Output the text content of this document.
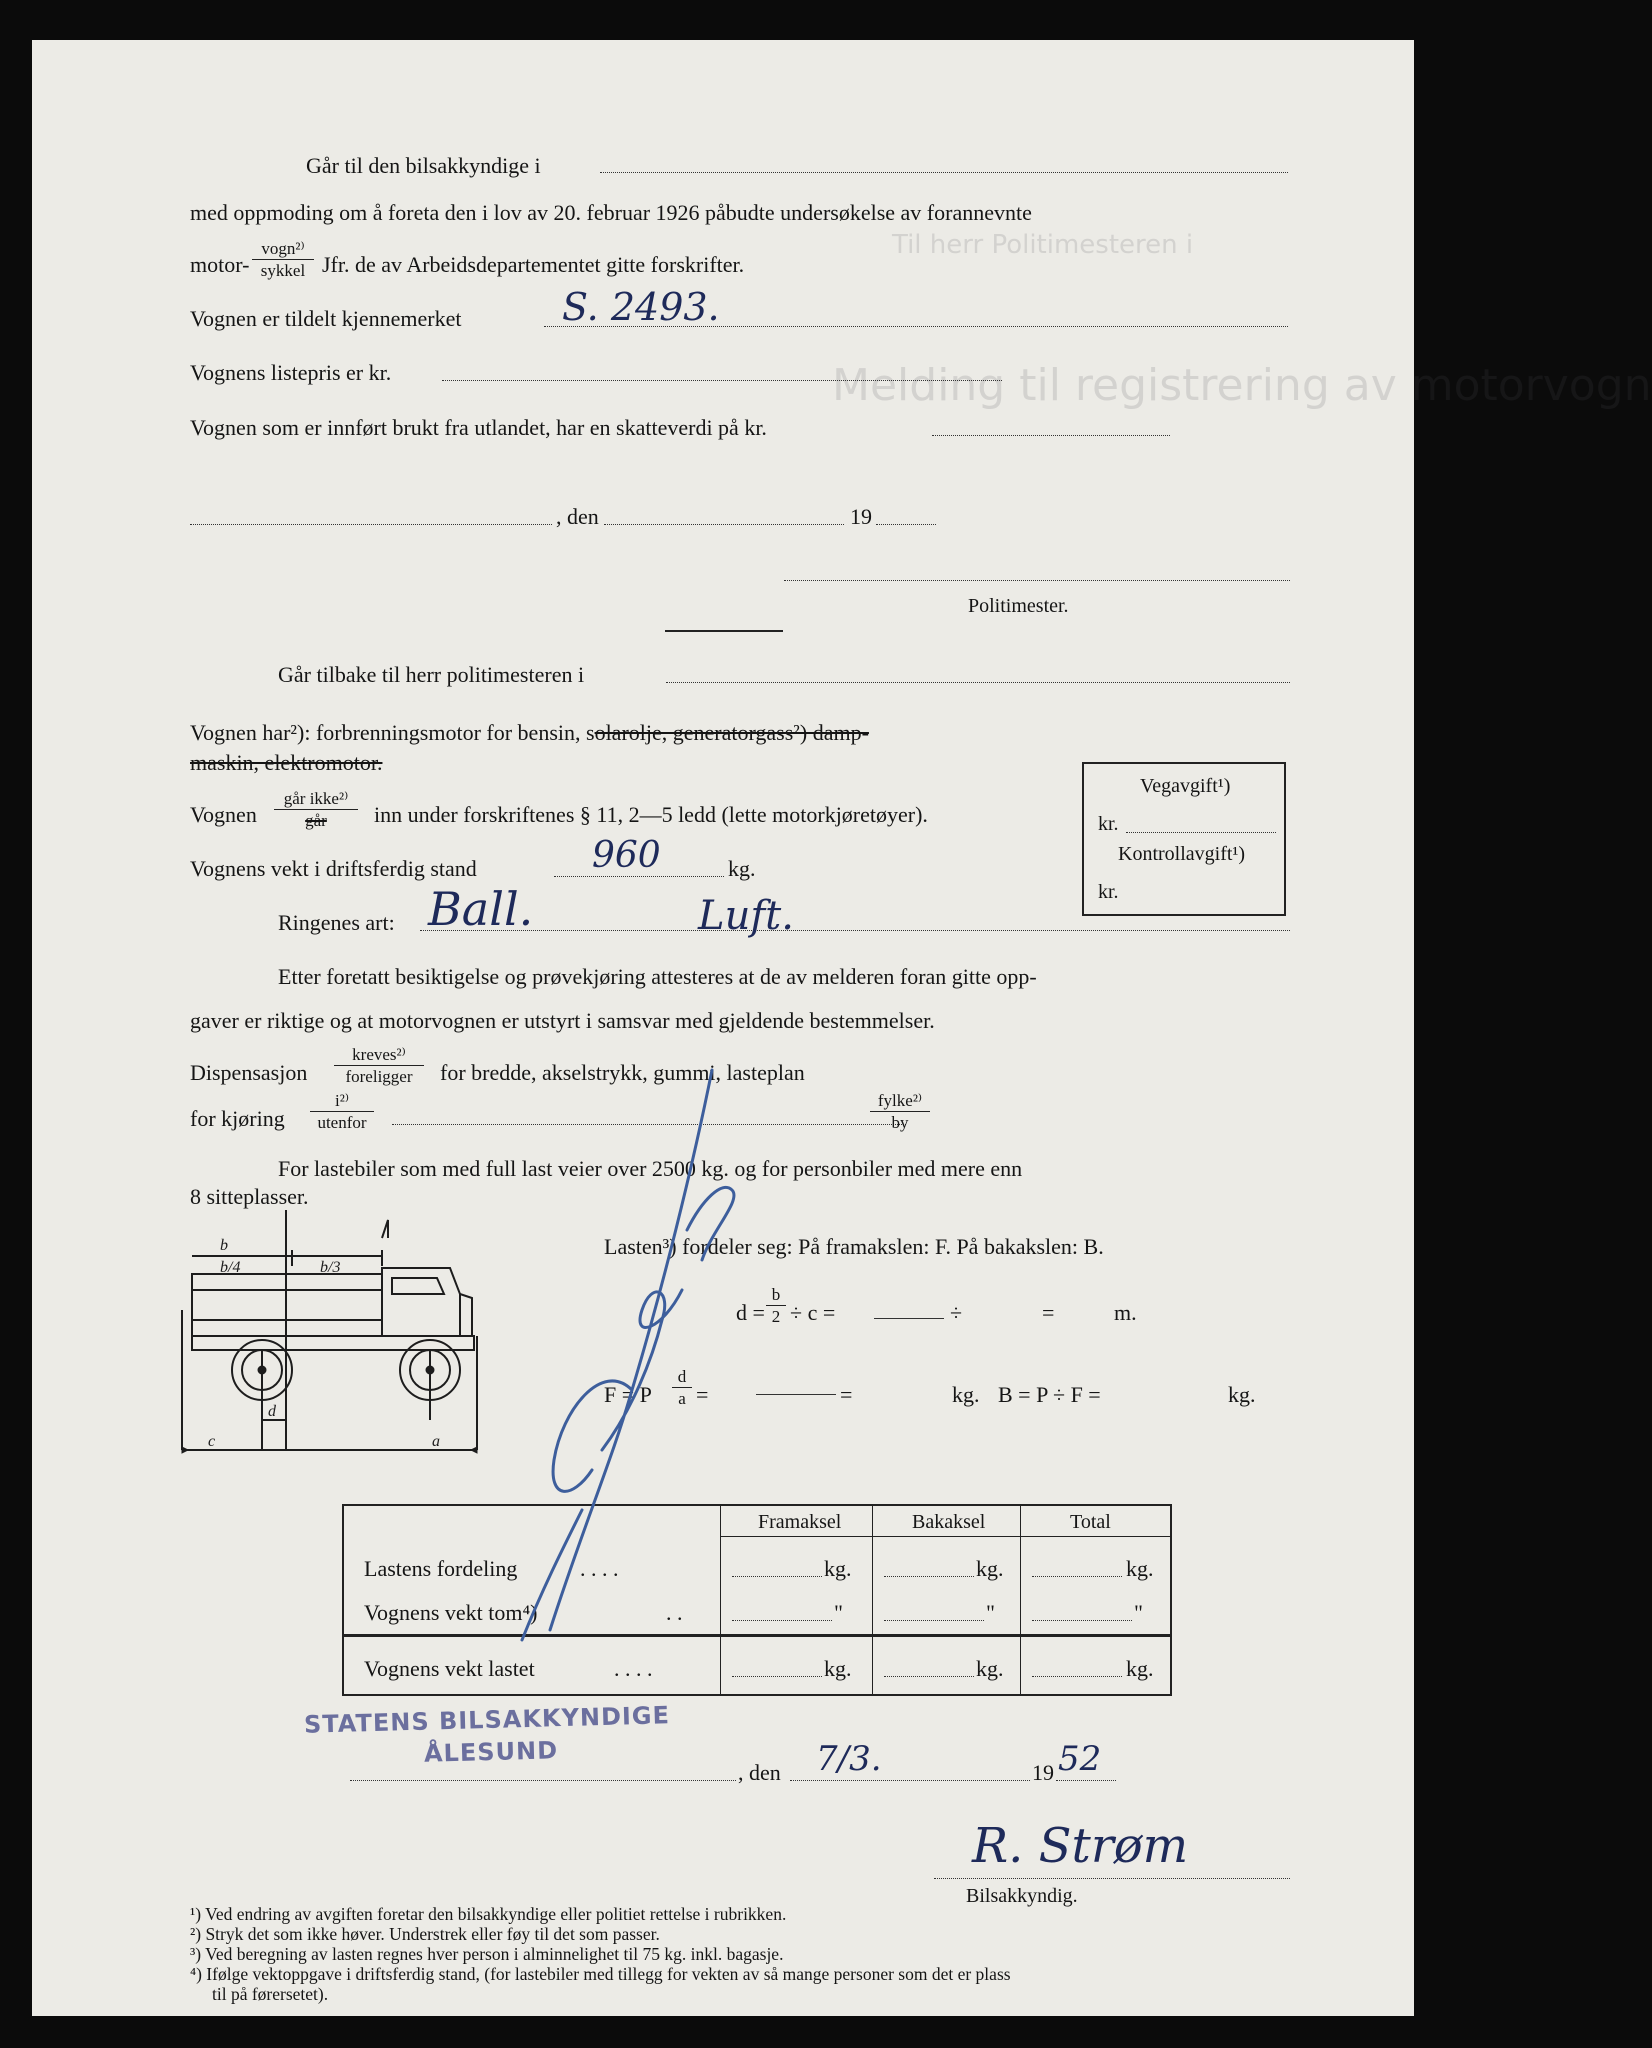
Melding til registrering av motorvogn
Til herr Politimesteren i
Går til den bilsakkyndige i
med oppmoding om å foreta den i lov av 20. februar 1926 påbudte undersøkelse av forannevnte
motor-
vogn²⁾
sykkel Jfr. de av Arbeidsdepartementet gitte forskrifter.
Vognen er tildelt kjennemerket	S. 2493.
Vognens listepris er kr.
Vognen som er innført brukt fra utlandet, har en skatteverdi på kr.
, den	19
Politimester.
Går tilbake til herr politimesteren i
Vognen har²): forbrenningsmotor for bensin, solarolje, generatorgass²) damp-
maskin, elektromotor.
Vegavgift¹)
kr.
Kontrollavgift¹)
kr.
Vognen
går ikke²⁾
går	inn under forskriftenes § 11, 2—5 ledd (lette motorkjøretøyer).
Vognens vekt i driftsferdig stand	960	kg.
Ringenes art: Ball.	Luft.
Etter foretatt besiktigelse og prøvekjøring attesteres at de av melderen foran gitte opp-
gaver er riktige og at motorvognen er utstyrt i samsvar med gjeldende bestemmelser.
Dispensasjon
kreves²⁾
foreligger	for bredde, akselstrykk, gummi, lasteplan
for kjøring
i²⁾
utenfor
fylke²⁾
by
For lastebiler som med full last veier over 2500 kg. og for personbiler med mere enn
8 sitteplasser.
b
b/4	b/3
d
c	a
Lasten³) fordeler seg: På framakslen: F. På bakakslen: B.
$d = \frac{b}{2} \div c$ =	÷	=	m.
F = P $\frac{d}{a}$ =	=	kg. B = P ÷ F =	kg.
Framaksel	Bakaksel	Total
Lastens fordeling	. . . .	kg.	kg.	kg.
Vognens vekt tom⁴)	. .	"	"	"
Vognens vekt lastet	. . . .	kg.	kg.	kg.
STATENS BILSAKKYNDIGE
ÅLESUND
, den 7/3.	19 52
R. Strøm
Bilsakkyndig.
¹) Ved endring av avgiften foretar den bilsakkyndige eller politiet rettelse i rubrikken.
²) Stryk det som ikke høver. Understrek eller føy til det som passer.
³) Ved beregning av lasten regnes hver person i alminnelighet til 75 kg. inkl. bagasje.
⁴) Ifølge vektoppgave i driftsferdig stand, (for lastebiler med tillegg for vekten av så mange personer som det er plass
til på førersetet).
